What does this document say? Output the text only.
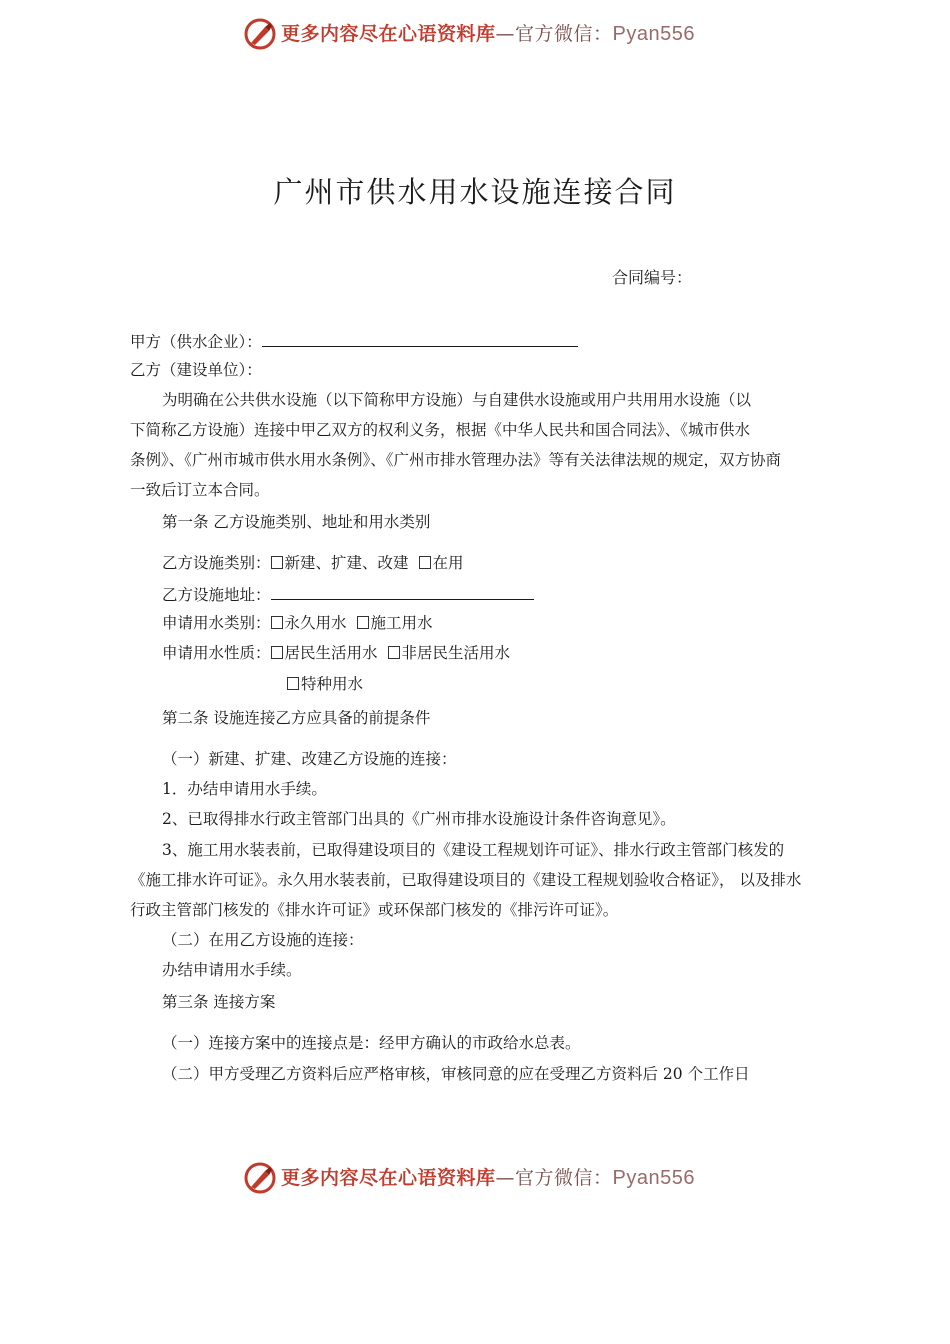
更多内容尽在心语资料库—官方微信：Pyan556
广州市供水用水设施连接合同
合同编号：
甲方（供水企业）：
乙方（建设单位）：
为明确在公共供水设施（以下简称甲方设施）与自建供水设施或用户共用用水设施（以
下简称乙方设施）连接中甲乙双方的权利义务，根据《中华人民共和国合同法》、《城市供水
条例》、《广州市城市供水用水条例》、《广州市排水管理办法》等有关法律法规的规定，双方协商
一致后订立本合同。
第一条 乙方设施类别、地址和用水类别
乙方设施类别： 新建、扩建、改建 在用
乙方设施地址：
申请用水类别： 永久用水 施工用水
申请用水性质： 居民生活用水 非居民生活用水
特种用水
第二条 设施连接乙方应具备的前提条件
（一）新建、扩建、改建乙方设施的连接：
1．办结申请用水手续。
2、已取得排水行政主管部门出具的《广州市排水设施设计条件咨询意见》。
3、施工用水装表前，已取得建设项目的《建设工程规划许可证》、排水行政主管部门核发的
《施工排水许可证》。永久用水装表前，已取得建设项目的《建设工程规划验收合格证》， 以及排水
行政主管部门核发的《排水许可证》或环保部门核发的《排污许可证》。
（二）在用乙方设施的连接：
办结申请用水手续。
第三条 连接方案
（一）连接方案中的连接点是：经甲方确认的市政给水总表。
（二）甲方受理乙方资料后应严格审核，审核同意的应在受理乙方资料后 20 个工作日
更多内容尽在心语资料库—官方微信：Pyan556
